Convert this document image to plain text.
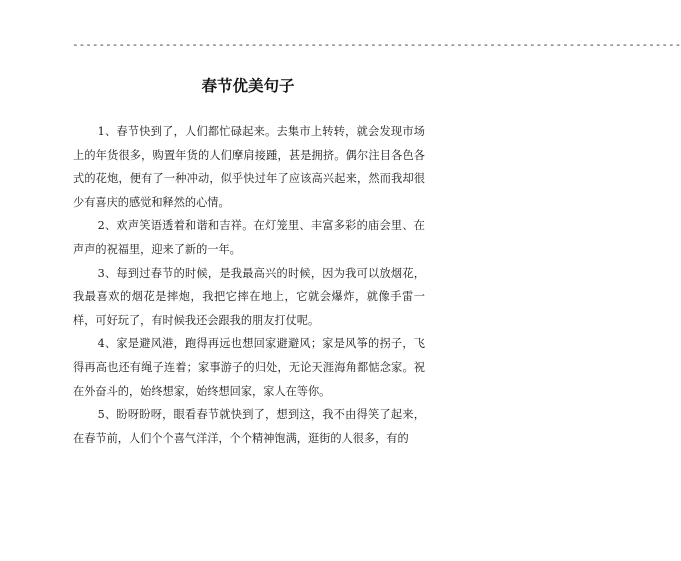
--------------------------------------------------------------------------------------------
春节优美句子

1、春节快到了，人们都忙碌起来。去集市上转转，就会发现市场上的年货很多，购置年货的人们摩肩接踵，甚是拥挤。偶尔注目各色各式的花炮，便有了一种冲动，似乎快过年了应该高兴起来，然而我却很少有喜庆的感觉和释然的心情。

2、欢声笑语透着和谐和吉祥。在灯笼里、丰富多彩的庙会里、在声声的祝福里，迎来了新的一年。

3、每到过春节的时候，是我最高兴的时候，因为我可以放烟花，我最喜欢的烟花是摔炮，我把它摔在地上，它就会爆炸，就像手雷一样，可好玩了，有时候我还会跟我的朋友打仗呢。

4、家是避风港，跑得再远也想回家避避风；家是风筝的拐子，飞得再高也还有绳子连着；家事游子的归处，无论天涯海角都惦念家。祝在外奋斗的，始终想家，始终想回家，家人在等你。

5、盼呀盼呀，眼看春节就快到了，想到这，我不由得笑了起来，在春节前，人们个个喜气洋洋，个个精神饱满，逛街的人很多，有的
